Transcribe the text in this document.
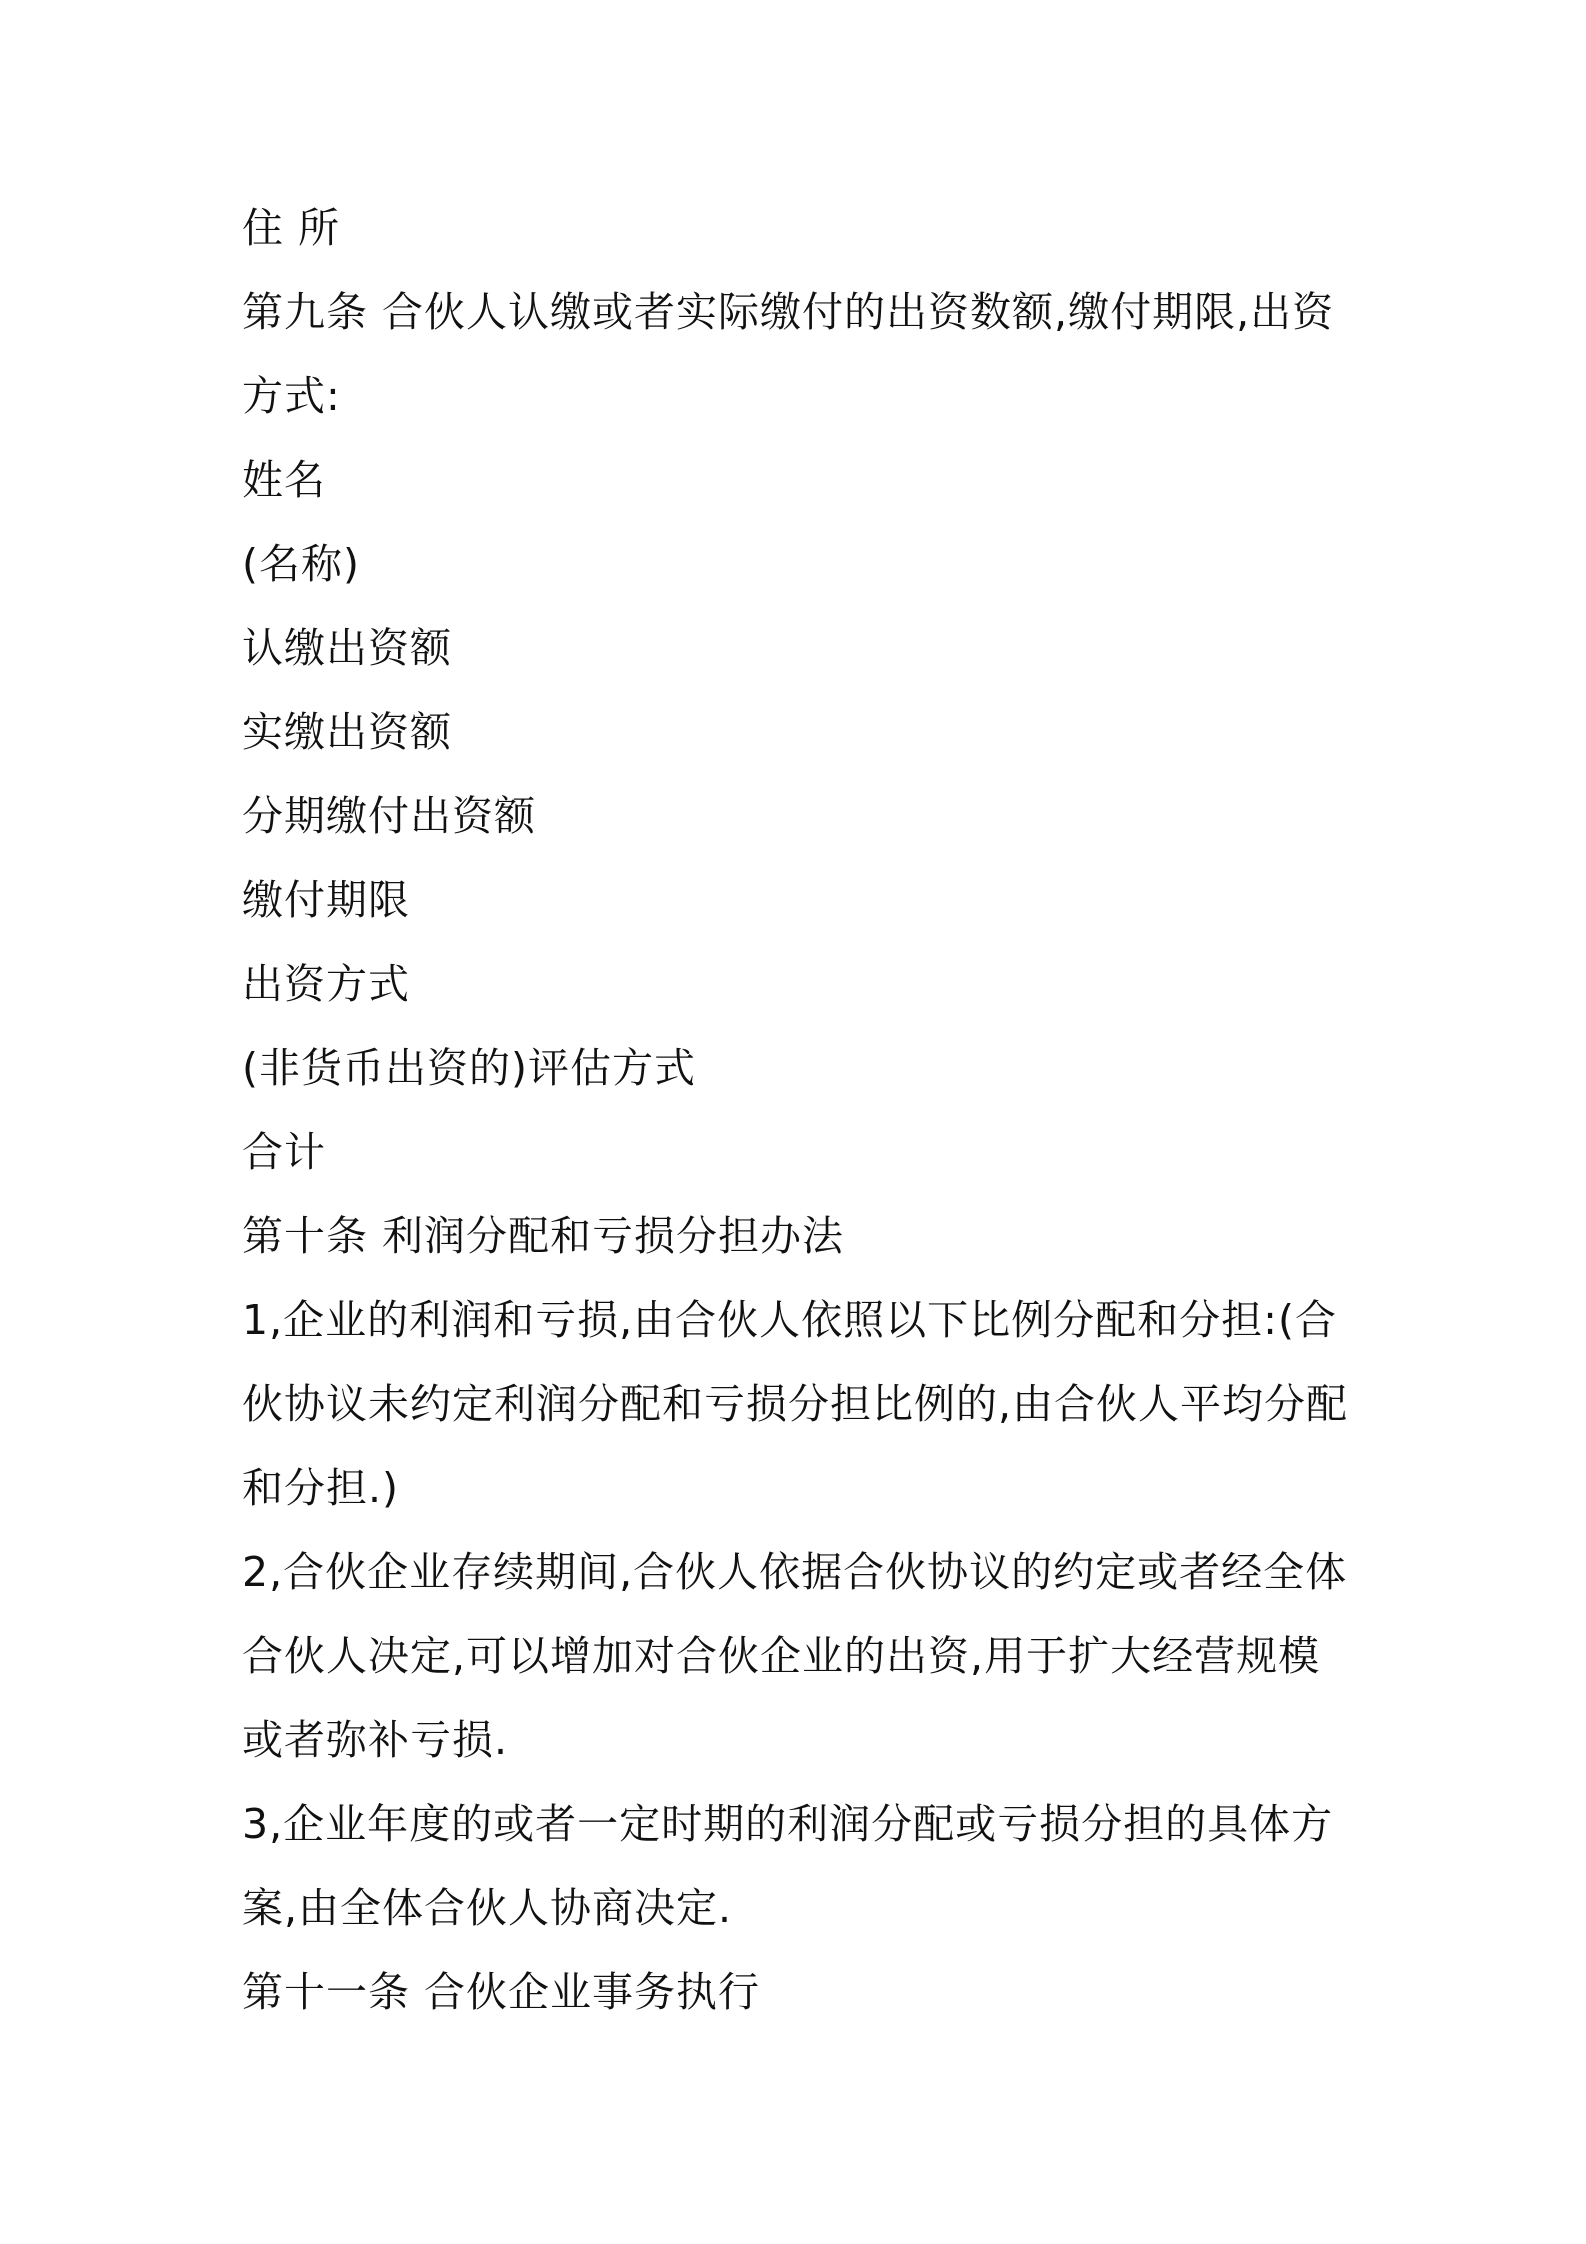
住 所

第九条 合伙人认缴或者实际缴付的出资数额,缴付期限,出资方式:

姓名

(名称)

认缴出资额

实缴出资额

分期缴付出资额

缴付期限

出资方式

(非货币出资的)评估方式

合计

第十条 利润分配和亏损分担办法

1,企业的利润和亏损,由合伙人依照以下比例分配和分担:(合伙协议未约定利润分配和亏损分担比例的,由合伙人平均分配和分担.)

2,合伙企业存续期间,合伙人依据合伙协议的约定或者经全体合伙人决定,可以增加对合伙企业的出资,用于扩大经营规模或者弥补亏损.

3,企业年度的或者一定时期的利润分配或亏损分担的具体方案,由全体合伙人协商决定.

第十一条 合伙企业事务执行
